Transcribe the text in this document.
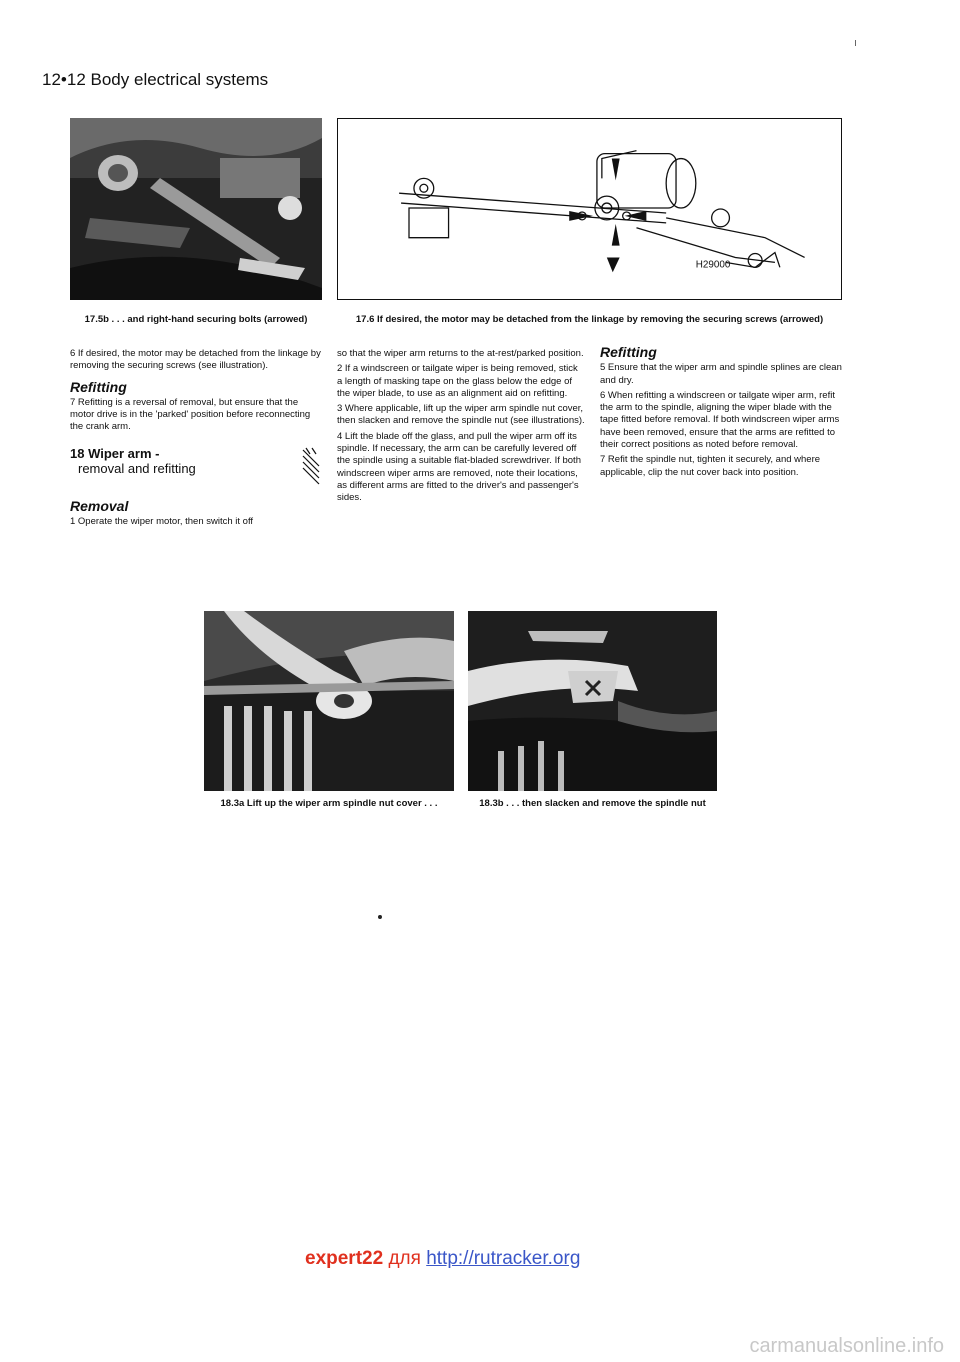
12•12 Body electrical systems
17.5b . . . and right-hand securing bolts (arrowed)
H29000
17.6 If desired, the motor may be detached from the linkage by removing the securing screws (arrowed)

6 If desired, the motor may be detached from the linkage by removing the securing screws (see illustration).

Refitting

7 Refitting is a reversal of removal, but ensure that the motor drive is in the 'parked' position before reconnecting the crank arm.

18 Wiper arm -
removal and refitting
Removal

1 Operate the wiper motor, then switch it off

so that the wiper arm returns to the at-rest/parked position.

2 If a windscreen or tailgate wiper is being removed, stick a length of masking tape on the glass below the edge of the wiper blade, to use as an alignment aid on refitting.

3 Where applicable, lift up the wiper arm spindle nut cover, then slacken and remove the spindle nut (see illustrations).

4 Lift the blade off the glass, and pull the wiper arm off its spindle. If necessary, the arm can be carefully levered off the spindle using a suitable flat-bladed screwdriver. If both windscreen wiper arms are removed, note their locations, as different arms are fitted to the driver's and passenger's sides.

Refitting

5 Ensure that the wiper arm and spindle splines are clean and dry.

6 When refitting a windscreen or tailgate wiper arm, refit the arm to the spindle, aligning the wiper blade with the tape fitted before removal. If both windscreen wiper arms have been removed, ensure that the arms are refitted to their correct positions as noted before removal.

7 Refit the spindle nut, tighten it securely, and where applicable, clip the nut cover back into position.

18.3a Lift up the wiper arm spindle nut cover . . .	18.3b . . . then slacken and remove the spindle nut
expert22 для http://rutracker.org
carmanualsonline.info
